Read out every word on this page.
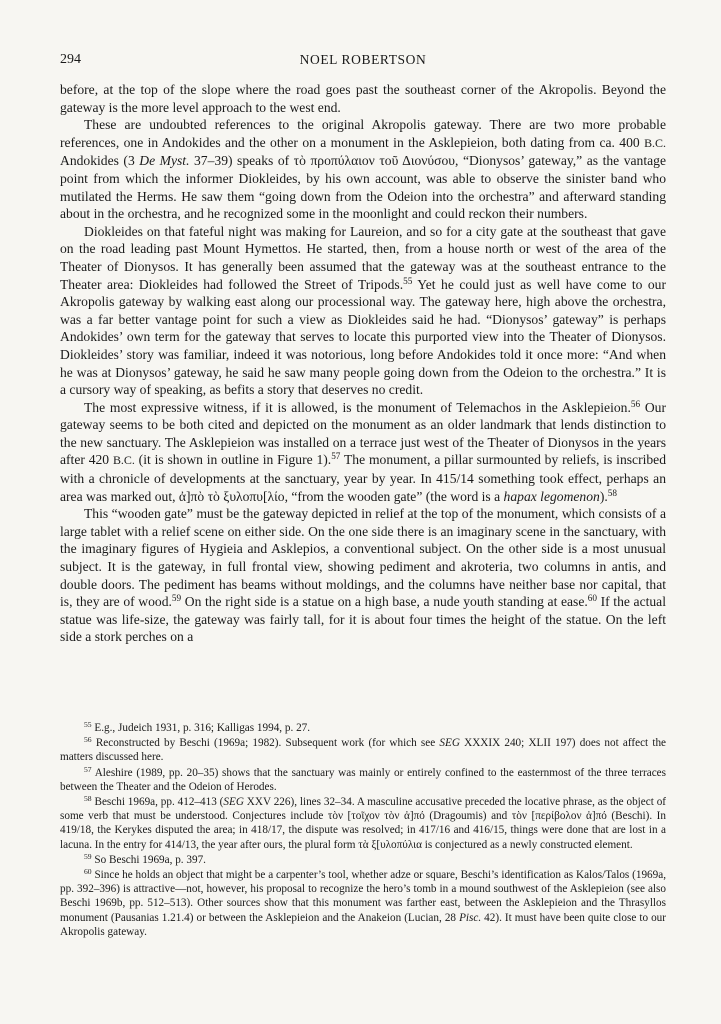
294	NOEL ROBERTSON

before, at the top of the slope where the road goes past the southeast corner of the Akropolis. Beyond the gateway is the more level approach to the west end.

These are undoubted references to the original Akropolis gateway. There are two more probable references, one in Andokides and the other on a monument in the Asklepieion, both dating from ca. 400 B.C. Andokides (3 De Myst. 37–39) speaks of τὸ προπύλαιον τοῦ Διονύσου, “Dionysos’ gateway,” as the vantage point from which the informer Diokleides, by his own account, was able to observe the sinister band who mutilated the Herms. He saw them “going down from the Odeion into the orchestra” and afterward standing about in the orchestra, and he recognized some in the moonlight and could reckon their numbers.

Diokleides on that fateful night was making for Laureion, and so for a city gate at the southeast that gave on the road leading past Mount Hymettos. He started, then, from a house north or west of the area of the Theater of Dionysos. It has generally been assumed that the gateway was at the southeast entrance to the Theater area: Diokleides had followed the Street of Tripods.$^{55}$ Yet he could just as well have come to our Akropolis gateway by walking east along our processional way. The gateway here, high above the orchestra, was a far better vantage point for such a view as Diokleides said he had. “Dionysos’ gateway” is perhaps Andokides’ own term for the gateway that serves to locate this purported view into the Theater of Dionysos. Diokleides’ story was familiar, indeed it was notorious, long before Andokides told it once more: “And when he was at Dionysos’ gateway, he said he saw many people going down from the Odeion to the orchestra.” It is a cursory way of speaking, as befits a story that deserves no credit.

The most expressive witness, if it is allowed, is the monument of Telemachos in the Asklepieion.$^{56}$ Our gateway seems to be both cited and depicted on the monument as an older landmark that lends distinction to the new sanctuary. The Asklepieion was installed on a terrace just west of the Theater of Dionysos in the years after 420 B.C. (it is shown in outline in Figure 1).$^{57}$ The monument, a pillar surmounted by reliefs, is inscribed with a chronicle of developments at the sanctuary, year by year. In 415/14 something took effect, perhaps an area was marked out, ἀ]πὸ τὸ ξυλοπυ[λίο, “from the wooden gate” (the word is a hapax legomenon).$^{58}$

This “wooden gate” must be the gateway depicted in relief at the top of the monument, which consists of a large tablet with a relief scene on either side. On the one side there is an imaginary scene in the sanctuary, with the imaginary figures of Hygieia and Asklepios, a conventional subject. On the other side is a most unusual subject. It is the gateway, in full frontal view, showing pediment and akroteria, two columns in antis, and double doors. The pediment has beams without moldings, and the columns have neither base nor capital, that is, they are of wood.$^{59}$ On the right side is a statue on a high base, a nude youth standing at ease.$^{60}$ If the actual statue was life-size, the gateway was fairly tall, for it is about four times the height of the statue. On the left side a stork perches on a

$^{55}$ E.g., Judeich 1931, p. 316; Kalligas 1994, p. 27.

$^{56}$ Reconstructed by Beschi (1969a; 1982). Subsequent work (for which see SEG XXXIX 240; XLII 197) does not affect the matters discussed here.

$^{57}$ Aleshire (1989, pp. 20–35) shows that the sanctuary was mainly or entirely confined to the easternmost of the three terraces between the Theater and the Odeion of Herodes.

$^{58}$ Beschi 1969a, pp. 412–413 (SEG XXV 226), lines 32–34. A masculine accusative preceded the locative phrase, as the object of some verb that must be understood. Conjectures include τὸν [τοῖχον τὸν ἀ]πό (Dragoumis) and τὸν [περίβολον ἀ]πό (Beschi). In 419/18, the Kerykes disputed the area; in 418/17, the dispute was resolved; in 417/16 and 416/15, things were done that are lost in a lacuna. In the entry for 414/13, the year after ours, the plural form τὰ ξ[υλοπύλια is conjectured as a newly constructed element.

$^{59}$ So Beschi 1969a, p. 397.

$^{60}$ Since he holds an object that might be a carpenter’s tool, whether adze or square, Beschi’s identification as Kalos/Talos (1969a, pp. 392–396) is attractive—not, however, his proposal to recognize the hero’s tomb in a mound southwest of the Asklepieion (see also Beschi 1969b, pp. 512–513). Other sources show that this monument was farther east, between the Asklepieion and the Thrasyllos monument (Pausanias 1.21.4) or between the Asklepieion and the Anakeion (Lucian, 28 Pisc. 42). It must have been quite close to our Akropolis gateway.
